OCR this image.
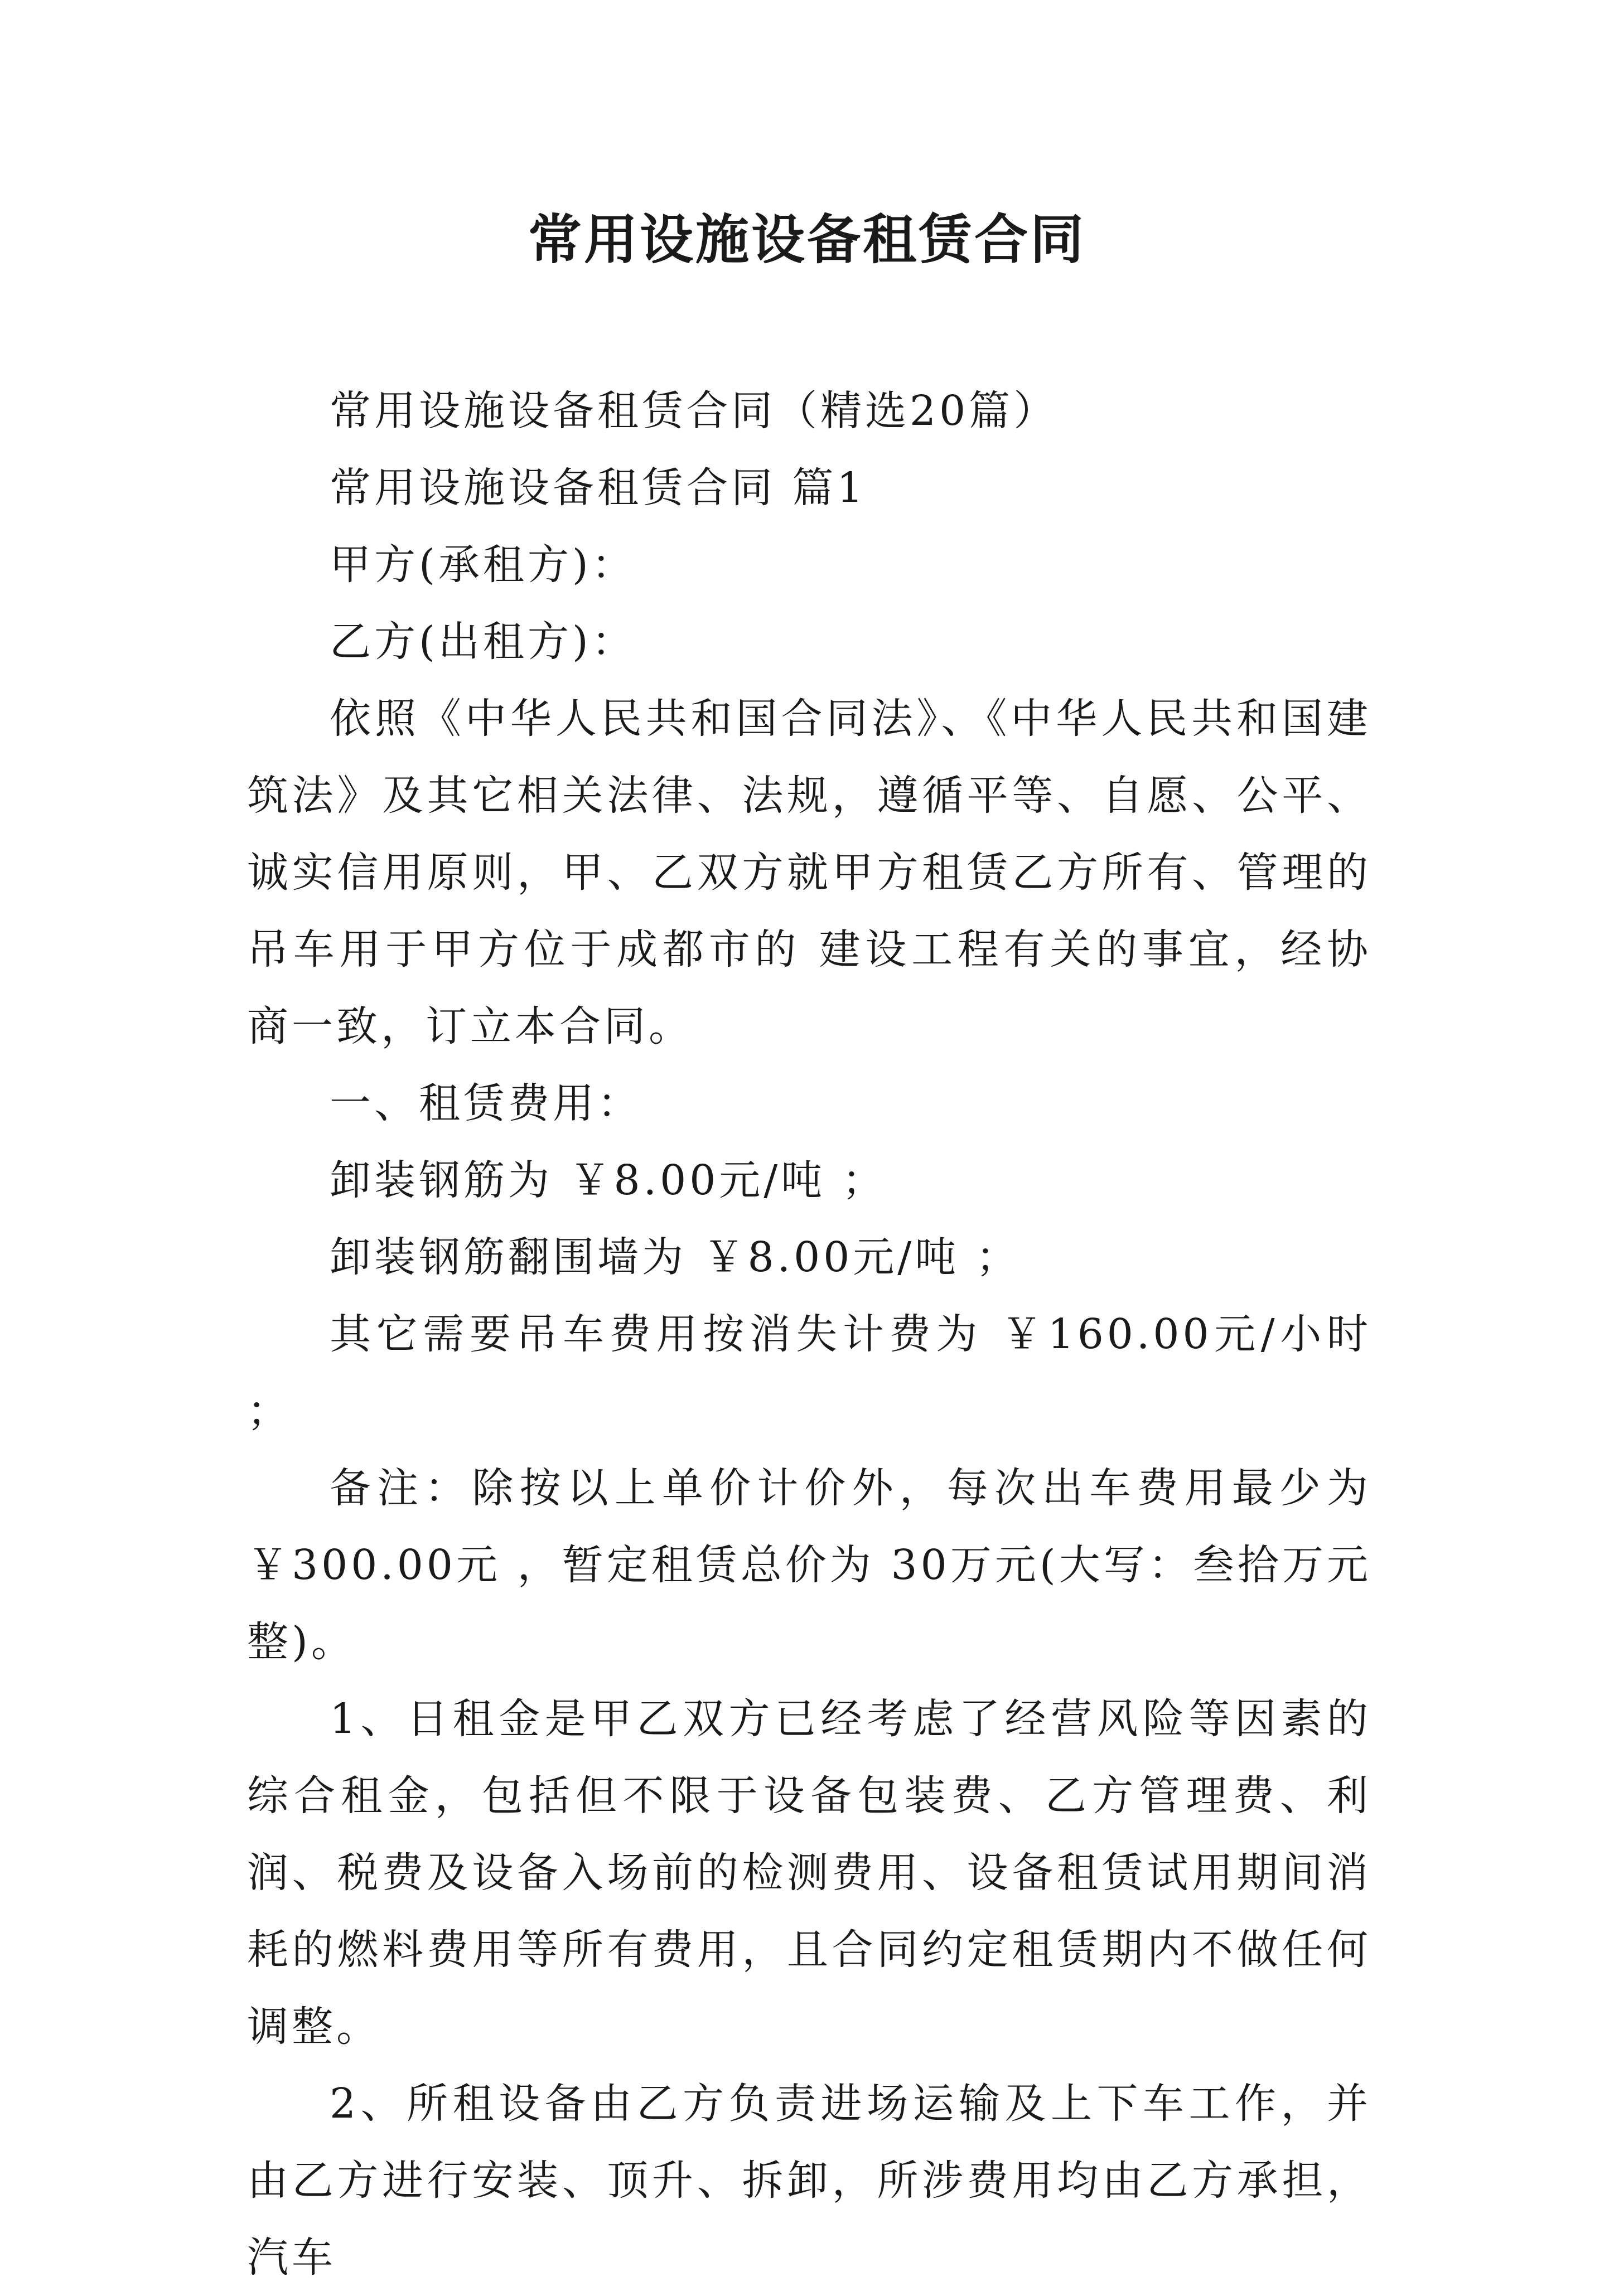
常用设施设备租赁合同

常用设施设备租赁合同（精选20篇）

常用设施设备租赁合同 篇1

甲方(承租方)：

乙方(出租方)：

依照《中华人民共和国合同法》、《中华人民共和国建筑法》及其它相关法律、法规，遵循平等、自愿、公平、诚实信用原则，甲、乙双方就甲方租赁乙方所有、管理的 吊车用于甲方位于成都市的 建设工程有关的事宜，经协商一致，订立本合同。

一、租赁费用：

卸装钢筋为 ￥8.00元/吨 ；

卸装钢筋翻围墙为 ￥8.00元/吨 ；

其它需要吊车费用按消失计费为 ￥160.00元/小时 ；

备注：除按以上单价计价外，每次出车费用最少为￥300.00元 ，暂定租赁总价为 30万元(大写：叁拾万元整)。

1、日租金是甲乙双方已经考虑了经营风险等因素的综合租金，包括但不限于设备包装费、乙方管理费、利润、税费及设备入场前的检测费用、设备租赁试用期间消耗的燃料费用等所有费用，且合同约定租赁期内不做任何调整。

2、所租设备由乙方负责进场运输及上下车工作，并由乙方进行安装、顶升、拆卸，所涉费用均由乙方承担，汽车
